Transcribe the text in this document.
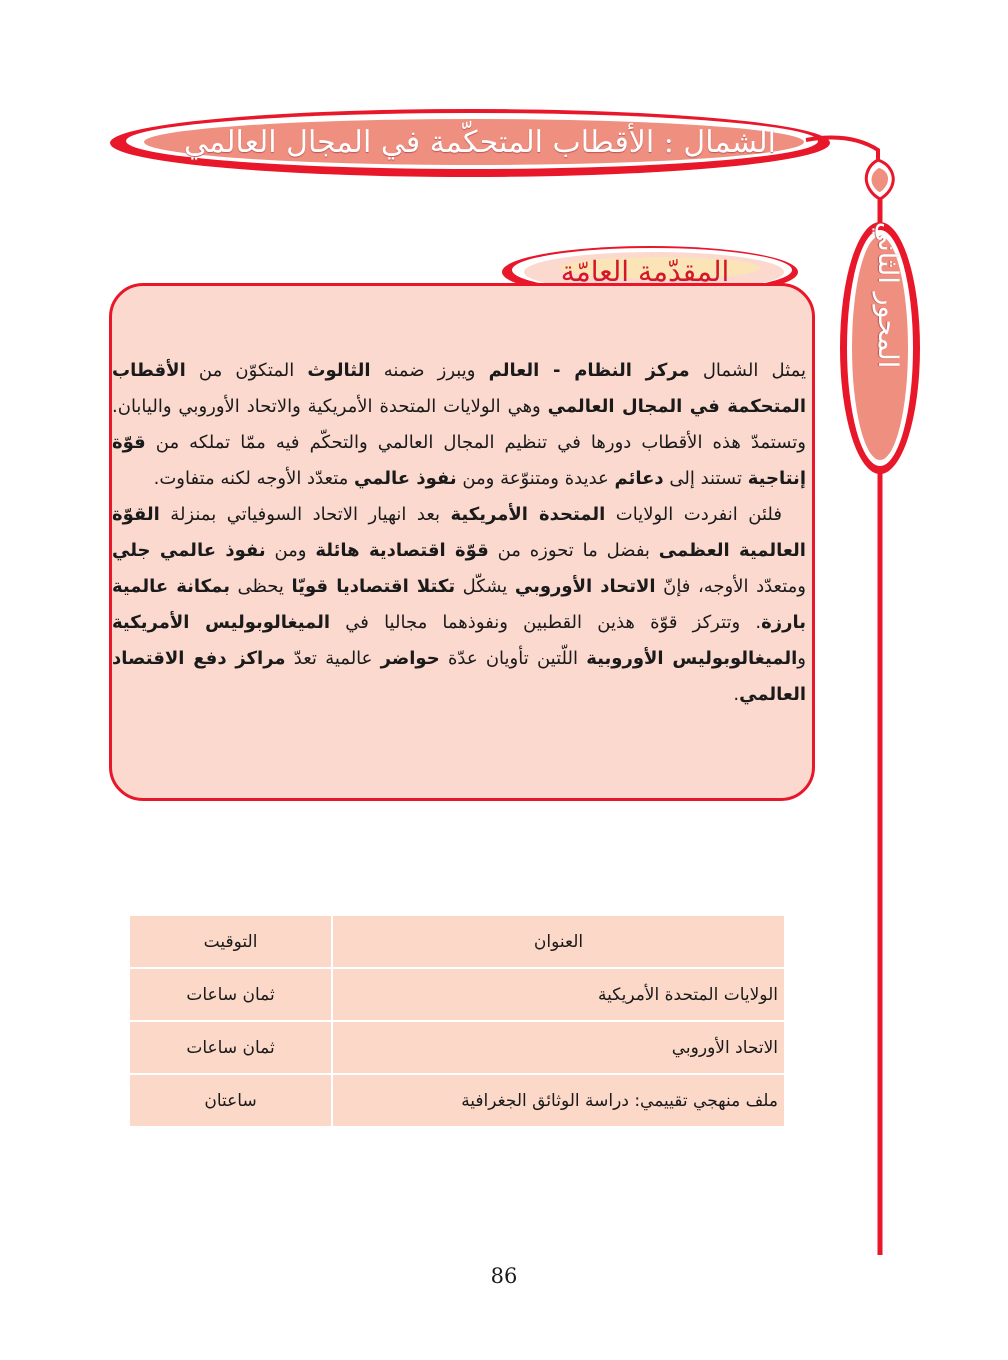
الشمال : الأقطاب المتحكّمة في المجال العالمي
المحور الثاني
المقدّمة العامّة

يمثل الشمال مركز النظام - العالم ويبرز ضمنه الثالوث المتكوّن من الأقطاب المتحكمة في المجال العالمي وهي الولايات المتحدة الأمريكية والاتحاد الأوروبي واليابان. وتستمدّ هذه الأقطاب دورها في تنظيم المجال العالمي والتحكّم فيه ممّا تملكه من قوّة إنتاجية تستند إلى دعائم عديدة ومتنوّعة ومن نفوذ عالمي متعدّد الأوجه لكنه متفاوت.

فلئن انفردت الولايات المتحدة الأمريكية بعد انهيار الاتحاد السوفياتي بمنزلة القوّة العالمية العظمى بفضل ما تحوزه من قوّة اقتصادية هائلة ومن نفوذ عالمي جلي ومتعدّد الأوجه، فإنّ الاتحاد الأوروبي يشكّل تكتلا اقتصاديا قويّا يحظى بمكانة عالمية بارزة. وتتركز قوّة هذين القطبين ونفوذهما مجاليا في الميغالوبوليس الأمريكية والميغالوبوليس الأوروبية اللّتين تأويان عدّة حواضر عالمية تعدّ مراكز دفع الاقتصاد العالمي.

العنوان	التوقيت
الولايات المتحدة الأمريكية	ثمان ساعات
الاتحاد الأوروبي	ثمان ساعات
ملف منهجي تقييمي: دراسة الوثائق الجغرافية	ساعتان
86
